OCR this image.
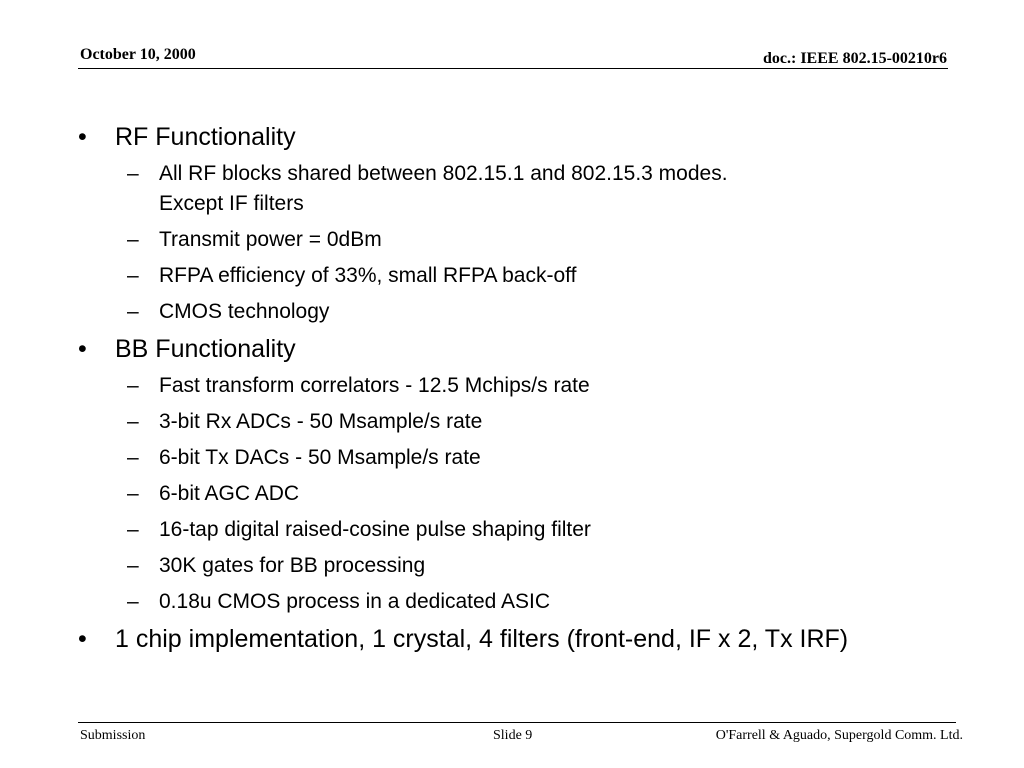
October 10, 2000	doc.: IEEE 802.15-00210r6
•	RF Functionality
– All RF blocks shared between 802.15.1 and 802.15.3 modes.
Except IF filters
– Transmit power = 0dBm
– RFPA efficiency of 33%, small RFPA back-off
– CMOS technology
•	BB Functionality
– Fast transform correlators - 12.5 Mchips/s rate
– 3-bit Rx ADCs - 50 Msample/s rate
– 6-bit Tx DACs - 50 Msample/s rate
– 6-bit AGC ADC
– 16-tap digital raised-cosine pulse shaping filter
– 30K gates for BB processing
– 0.18u CMOS process in a dedicated ASIC
•	1 chip implementation, 1 crystal, 4 filters (front-end, IF x 2, Tx IRF)
Submission	Slide 9	O'Farrell & Aguado, Supergold Comm. Ltd.
